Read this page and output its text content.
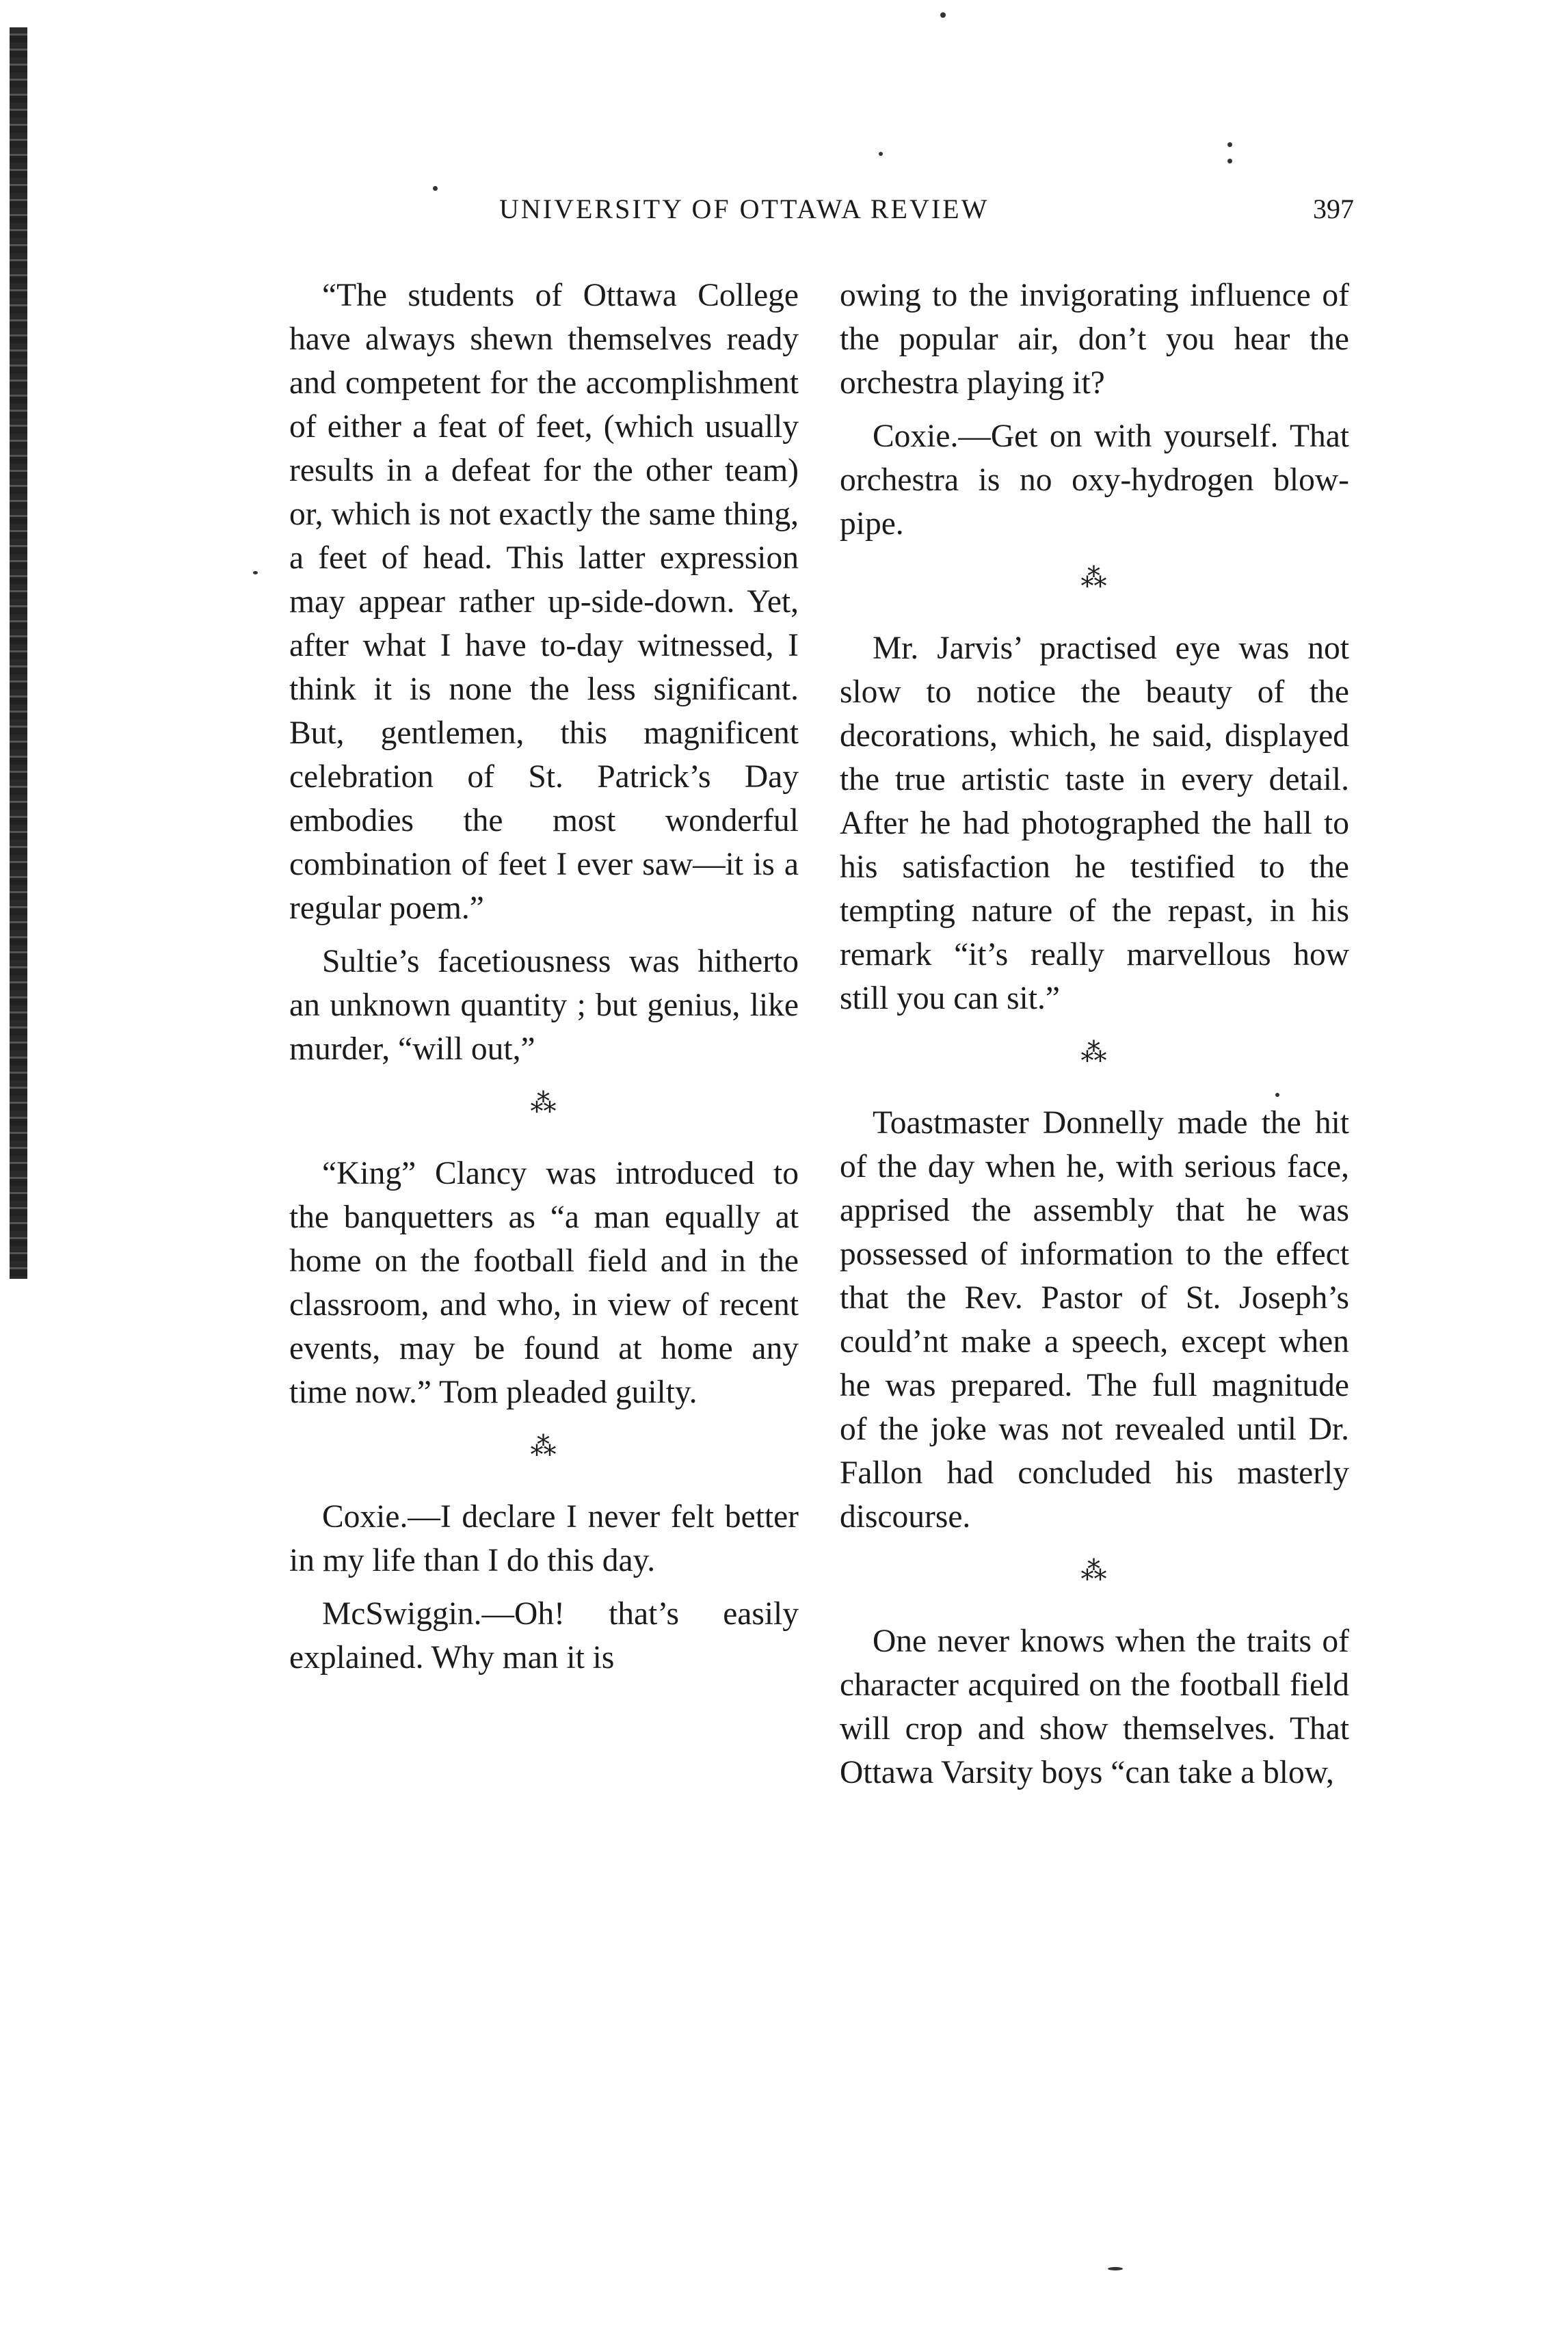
UNIVERSITY OF OTTAWA REVIEW	397

“The students of Ottawa College have always shewn themselves ready and competent for the accomplishment of either a feat of feet, (which usually results in a defeat for the other team) or, which is not exactly the same thing, a feet of head. This latter expression may appear rather up-side-down. Yet, after what I have to-day witnessed, I think it is none the less significant. But, gentlemen, this magnificent celebration of St. Patrick’s Day embodies the most wonderful combination of feet I ever saw—it is a regular poem.”

Sultie’s facetiousness was hitherto an unknown quantity ; but genius, like murder, “will out,”

⁂

“King” Clancy was introduced to the banquetters as “a man equally at home on the football field and in the classroom, and who, in view of recent events, may be found at home any time now.” Tom pleaded guilty.

⁂

Coxie.—I declare I never felt better in my life than I do this day.

McSwiggin.—Oh! that’s easily explained. Why man it is

owing to the invigorating influence of the popular air, don’t you hear the orchestra playing it?

Coxie.—Get on with yourself. That orchestra is no oxy-hydrogen blow-pipe.

⁂

Mr. Jarvis’ practised eye was not slow to notice the beauty of the decorations, which, he said, displayed the true artistic taste in every detail. After he had photographed the hall to his satisfaction he testified to the tempting nature of the repast, in his remark “it’s really marvellous how still you can sit.”

⁂

Toastmaster Donnelly made the hit of the day when he, with serious face, apprised the assembly that he was possessed of information to the effect that the Rev. Pastor of St. Joseph’s could’nt make a speech, except when he was prepared. The full magnitude of the joke was not revealed until Dr. Fallon had concluded his masterly discourse.

⁂

One never knows when the traits of character acquired on the football field will crop and show themselves. That Ottawa Varsity boys “can take a blow,
